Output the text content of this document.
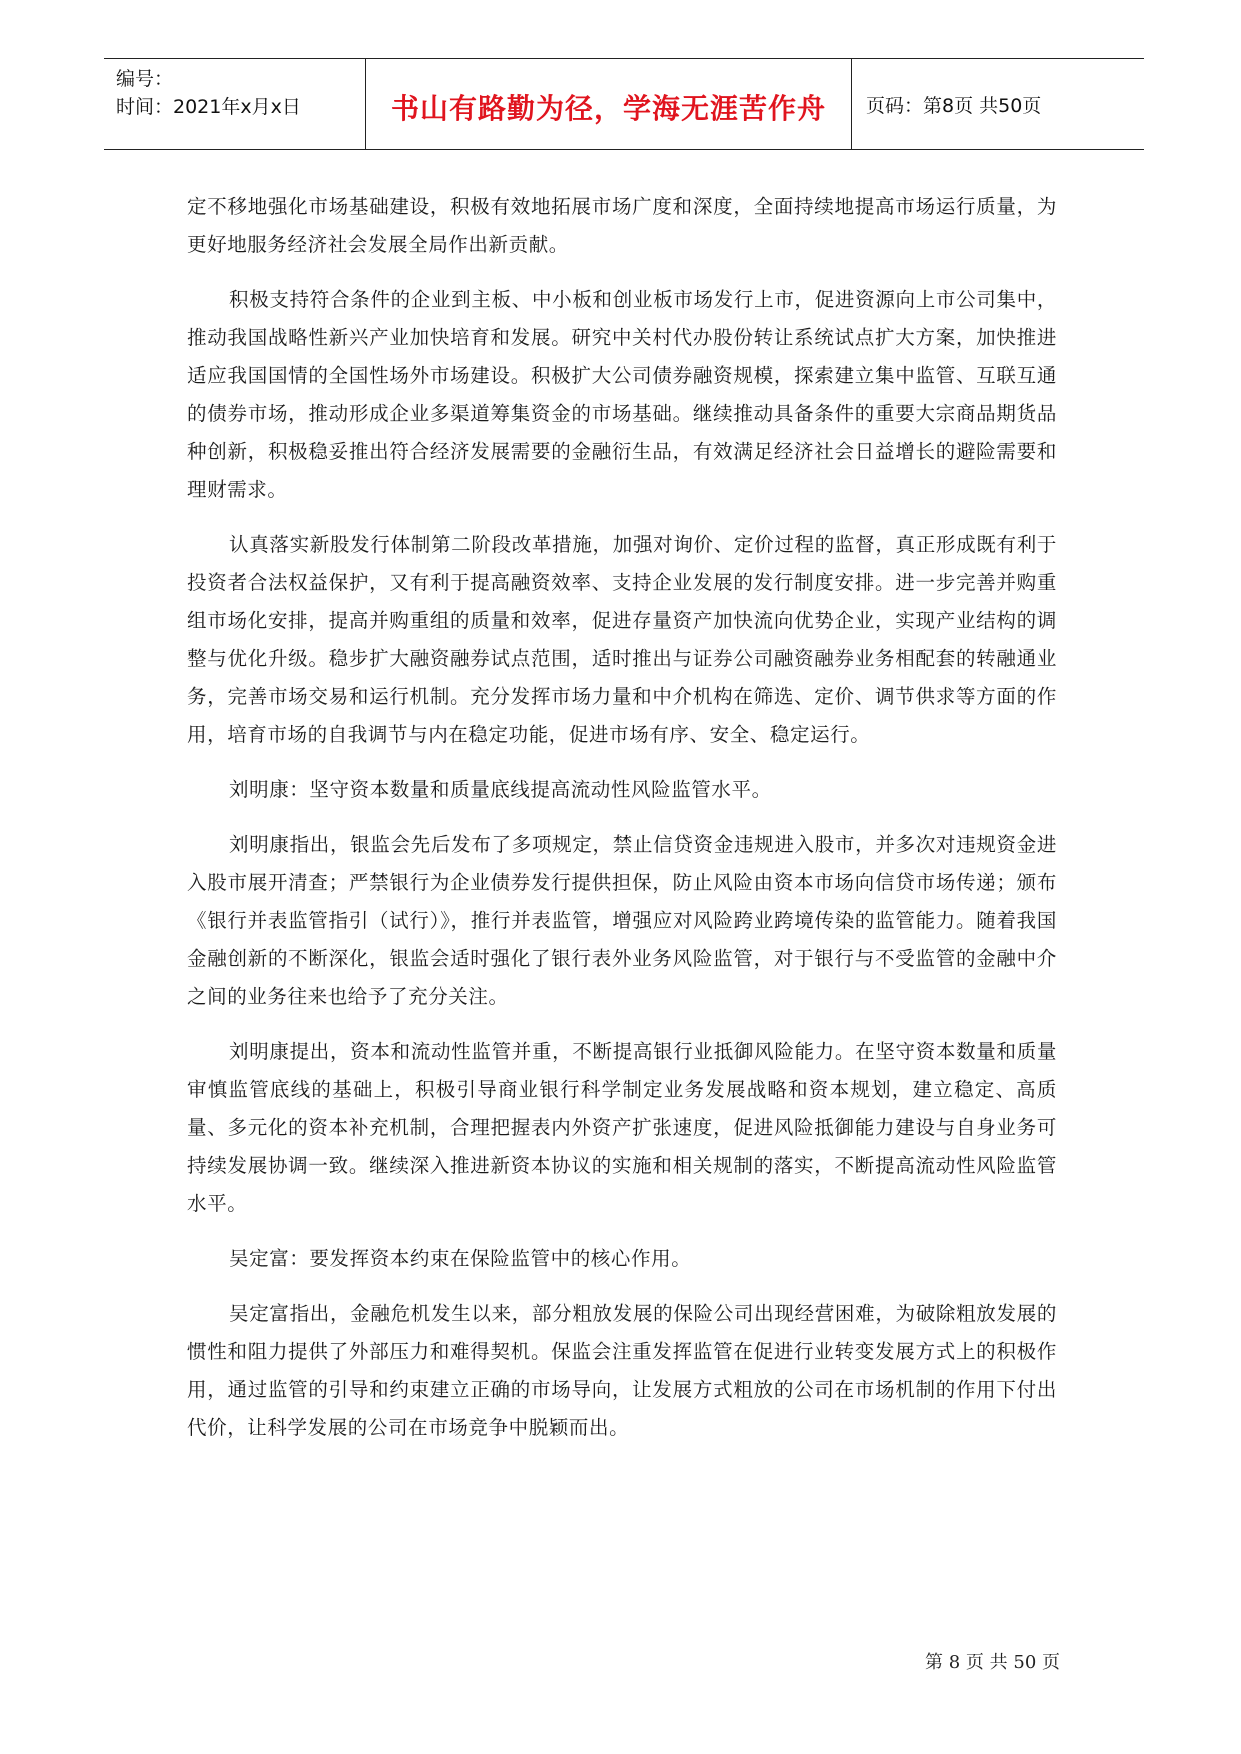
编号：
时间：2021年x月x日	书山有路勤为径，学海无涯苦作舟 页码：第8页 共50页

定不移地强化市场基础建设，积极有效地拓展市场广度和深度，全面持续地提高市场运行质量，为更好地服务经济社会发展全局作出新贡献。

积极支持符合条件的企业到主板、中小板和创业板市场发行上市，促进资源向上市公司集中，推动我国战略性新兴产业加快培育和发展。研究中关村代办股份转让系统试点扩大方案，加快推进适应我国国情的全国性场外市场建设。积极扩大公司债券融资规模，探索建立集中监管、互联互通的债券市场，推动形成企业多渠道筹集资金的市场基础。继续推动具备条件的重要大宗商品期货品种创新，积极稳妥推出符合经济发展需要的金融衍生品，有效满足经济社会日益增长的避险需要和理财需求。

认真落实新股发行体制第二阶段改革措施，加强对询价、定价过程的监督，真正形成既有利于投资者合法权益保护，又有利于提高融资效率、支持企业发展的发行制度安排。进一步完善并购重组市场化安排，提高并购重组的质量和效率，促进存量资产加快流向优势企业，实现产业结构的调整与优化升级。稳步扩大融资融券试点范围，适时推出与证券公司融资融券业务相配套的转融通业务，完善市场交易和运行机制。充分发挥市场力量和中介机构在筛选、定价、调节供求等方面的作用，培育市场的自我调节与内在稳定功能，促进市场有序、安全、稳定运行。

刘明康：坚守资本数量和质量底线提高流动性风险监管水平。

刘明康指出，银监会先后发布了多项规定，禁止信贷资金违规进入股市，并多次对违规资金进入股市展开清查；严禁银行为企业债券发行提供担保，防止风险由资本市场向信贷市场传递；颁布《银行并表监管指引（试行）》，推行并表监管，增强应对风险跨业跨境传染的监管能力。随着我国金融创新的不断深化，银监会适时强化了银行表外业务风险监管，对于银行与不受监管的金融中介之间的业务往来也给予了充分关注。

刘明康提出，资本和流动性监管并重，不断提高银行业抵御风险能力。在坚守资本数量和质量审慎监管底线的基础上，积极引导商业银行科学制定业务发展战略和资本规划，建立稳定、高质量、多元化的资本补充机制，合理把握表内外资产扩张速度，促进风险抵御能力建设与自身业务可持续发展协调一致。继续深入推进新资本协议的实施和相关规制的落实，不断提高流动性风险监管水平。

吴定富：要发挥资本约束在保险监管中的核心作用。

吴定富指出，金融危机发生以来，部分粗放发展的保险公司出现经营困难，为破除粗放发展的惯性和阻力提供了外部压力和难得契机。保监会注重发挥监管在促进行业转变发展方式上的积极作用，通过监管的引导和约束建立正确的市场导向，让发展方式粗放的公司在市场机制的作用下付出代价，让科学发展的公司在市场竞争中脱颖而出。

第 8 页 共 50 页
